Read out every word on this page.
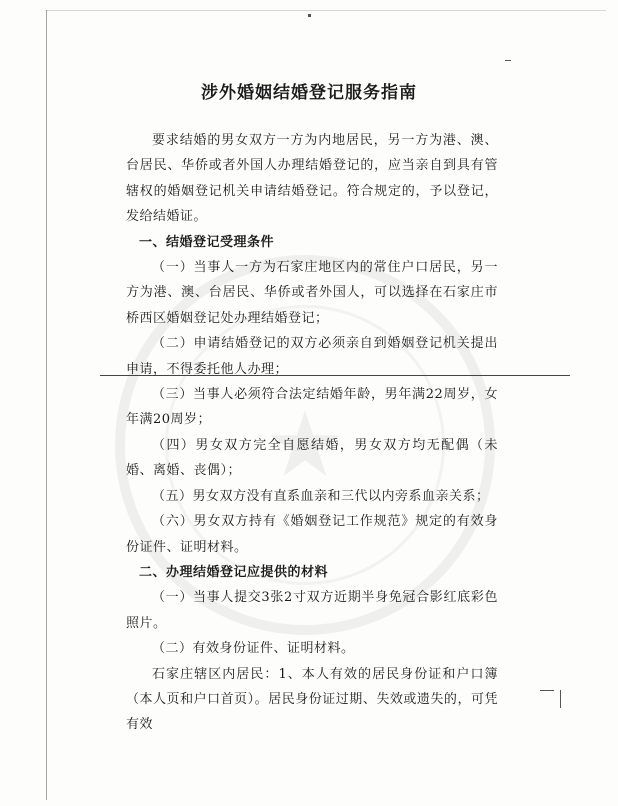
★
涉外婚姻结婚登记服务指南

要求结婚的男女双方一方为内地居民，另一方为港、澳、台居民、华侨或者外国人办理结婚登记的，应当亲自到具有管辖权的婚姻登记机关申请结婚登记。符合规定的，予以登记，发给结婚证。

一、结婚登记受理条件

（一）当事人一方为石家庄地区内的常住户口居民，另一方为港、澳、台居民、华侨或者外国人，可以选择在石家庄市桥西区婚姻登记处办理结婚登记；

（二）申请结婚登记的双方必须亲自到婚姻登记机关提出申请，不得委托他人办理；

（三）当事人必须符合法定结婚年龄，男年满22周岁，女年满20周岁；

（四）男女双方完全自愿结婚，男女双方均无配偶（未婚、离婚、丧偶）；

（五）男女双方没有直系血亲和三代以内旁系血亲关系；

（六）男女双方持有《婚姻登记工作规范》规定的有效身份证件、证明材料。

二、办理结婚登记应提供的材料

（一）当事人提交3张2寸双方近期半身免冠合影红底彩色照片。

（二）有效身份证件、证明材料。

石家庄辖区内居民：1、本人有效的居民身份证和户口簿（本人页和户口首页）。居民身份证过期、失效或遗失的，可凭有效
